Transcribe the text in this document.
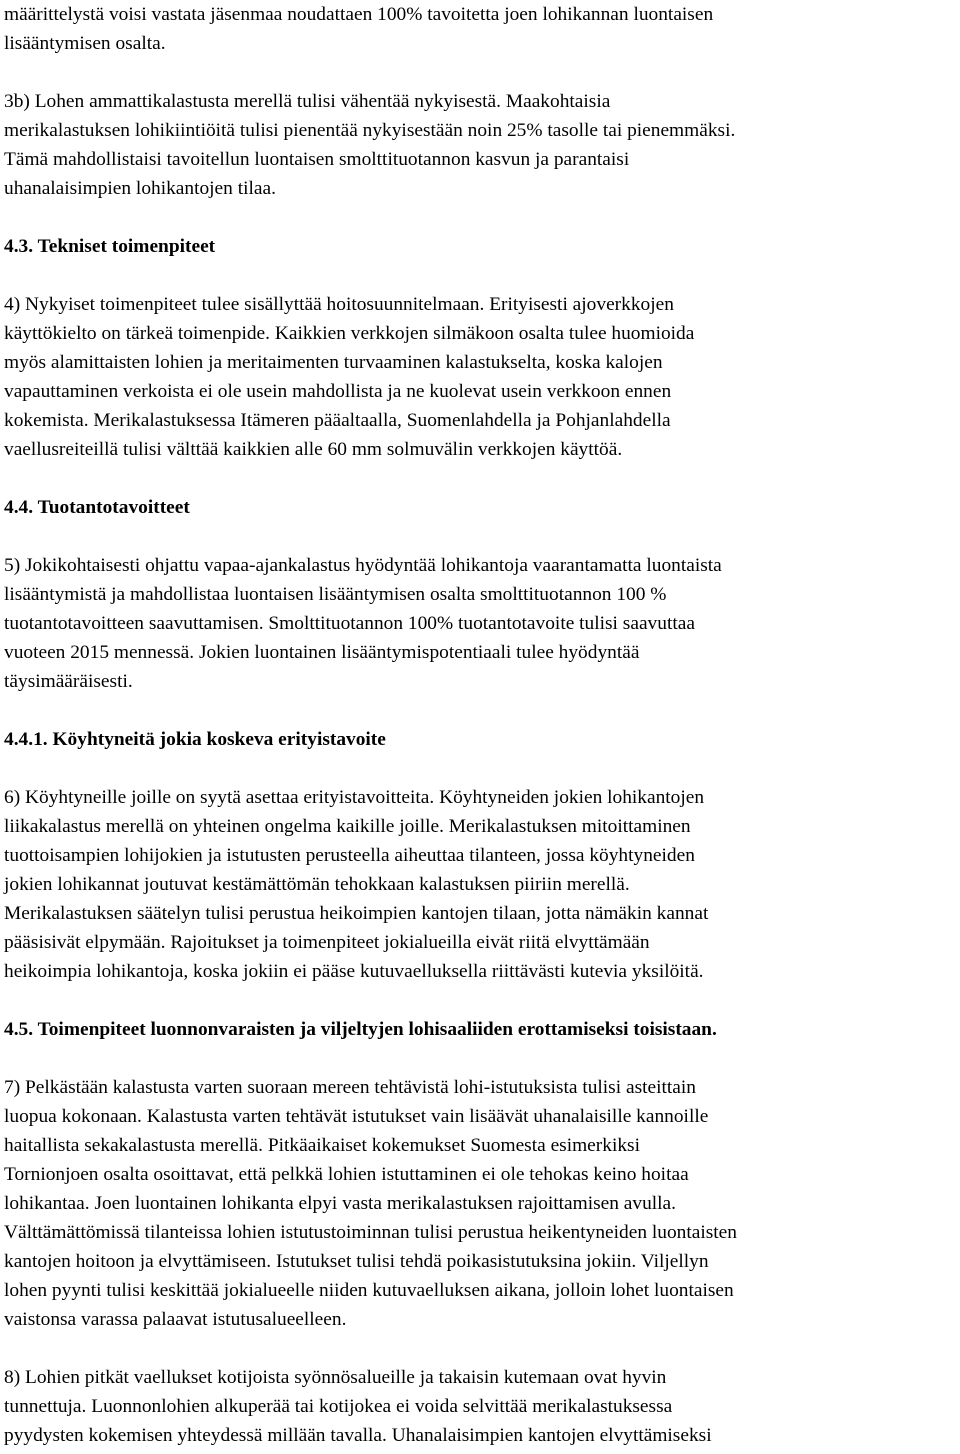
määrittelystä voisi vastata jäsenmaa noudattaen 100% tavoitetta joen lohikannan luontaisen
lisääntymisen osalta.

3b) Lohen ammattikalastusta merellä tulisi vähentää nykyisestä. Maakohtaisia
merikalastuksen lohikiintiöitä tulisi pienentää nykyisestään noin 25% tasolle tai pienemmäksi.
Tämä mahdollistaisi tavoitellun luontaisen smolttituotannon kasvun ja parantaisi
uhanalaisimpien lohikantojen tilaa.

4.3. Tekniset toimenpiteet

4) Nykyiset toimenpiteet tulee sisällyttää hoitosuunnitelmaan. Erityisesti ajoverkkojen
käyttökielto on tärkeä toimenpide. Kaikkien verkkojen silmäkoon osalta tulee huomioida
myös alamittaisten lohien ja meritaimenten turvaaminen kalastukselta, koska kalojen
vapauttaminen verkoista ei ole usein mahdollista ja ne kuolevat usein verkkoon ennen
kokemista. Merikalastuksessa Itämeren pääaltaalla, Suomenlahdella ja Pohjanlahdella
vaellusreiteillä tulisi välttää kaikkien alle 60 mm solmuvälin verkkojen käyttöä.

4.4. Tuotantotavoitteet

5) Jokikohtaisesti ohjattu vapaa-ajankalastus hyödyntää lohikantoja vaarantamatta luontaista
lisääntymistä ja mahdollistaa luontaisen lisääntymisen osalta smolttituotannon 100 %
tuotantotavoitteen saavuttamisen. Smolttituotannon 100% tuotantotavoite tulisi saavuttaa
vuoteen 2015 mennessä. Jokien luontainen lisääntymispotentiaali tulee hyödyntää
täysimääräisesti.

4.4.1. Köyhtyneitä jokia koskeva erityistavoite

6) Köyhtyneille joille on syytä asettaa erityistavoitteita. Köyhtyneiden jokien lohikantojen
liikakalastus merellä on yhteinen ongelma kaikille joille. Merikalastuksen mitoittaminen
tuottoisampien lohijokien ja istutusten perusteella aiheuttaa tilanteen, jossa köyhtyneiden
jokien lohikannat joutuvat kestämättömän tehokkaan kalastuksen piiriin merellä.
Merikalastuksen säätelyn tulisi perustua heikoimpien kantojen tilaan, jotta nämäkin kannat
pääsisivät elpymään. Rajoitukset ja toimenpiteet jokialueilla eivät riitä elvyttämään
heikoimpia lohikantoja, koska jokiin ei pääse kutuvaelluksella riittävästi kutevia yksilöitä.

4.5. Toimenpiteet luonnonvaraisten ja viljeltyjen lohisaaliiden erottamiseksi toisistaan.

7) Pelkästään kalastusta varten suoraan mereen tehtävistä lohi-istutuksista tulisi asteittain
luopua kokonaan. Kalastusta varten tehtävät istutukset vain lisäävät uhanalaisille kannoille
haitallista sekakalastusta merellä. Pitkäaikaiset kokemukset Suomesta esimerkiksi
Tornionjoen osalta osoittavat, että pelkkä lohien istuttaminen ei ole tehokas keino hoitaa
lohikantaa. Joen luontainen lohikanta elpyi vasta merikalastuksen rajoittamisen avulla.
Välttämättömissä tilanteissa lohien istutustoiminnan tulisi perustua heikentyneiden luontaisten
kantojen hoitoon ja elvyttämiseen. Istutukset tulisi tehdä poikasistutuksina jokiin. Viljellyn
lohen pyynti tulisi keskittää jokialueelle niiden kutuvaelluksen aikana, jolloin lohet luontaisen
vaistonsa varassa palaavat istutusalueelleen.

8) Lohien pitkät vaellukset kotijoista syönnösalueille ja takaisin kutemaan ovat hyvin
tunnettuja. Luonnonlohien alkuperää tai kotijokea ei voida selvittää merikalastuksessa
pyydysten kokemisen yhteydessä millään tavalla. Uhanalaisimpien kantojen elvyttämiseksi
